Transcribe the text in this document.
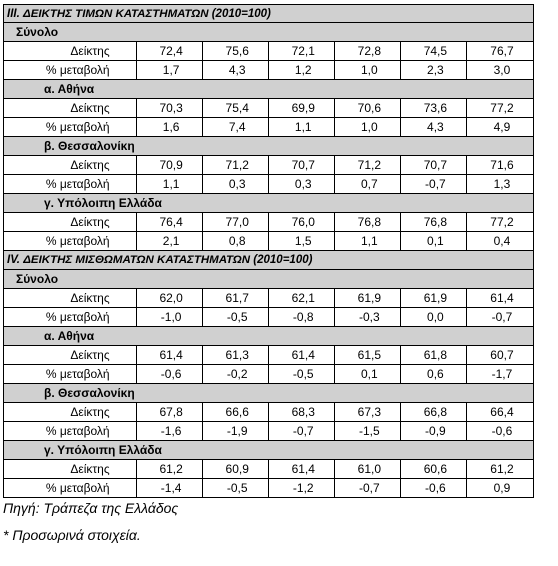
III. ΔΕΙΚΤΗΣ ΤΙΜΩΝ ΚΑΤΑΣΤΗΜΑΤΩΝ (2010=100)
Σύνολο
Δείκτης	72,4	75,6	72,1	72,8	74,5	76,7
% μεταβολή	1,7	4,3	1,2	1,0	2,3	3,0
α. Αθήνα
Δείκτης	70,3	75,4	69,9	70,6	73,6	77,2
% μεταβολή	1,6	7,4	1,1	1,0	4,3	4,9
β. Θεσσαλονίκη
Δείκτης	70,9	71,2	70,7	71,2	70,7	71,6
% μεταβολή	1,1	0,3	0,3	0,7	-0,7	1,3
γ. Υπόλοιπη Ελλάδα
Δείκτης	76,4	77,0	76,0	76,8	76,8	77,2
% μεταβολή	2,1	0,8	1,5	1,1	0,1	0,4
IV. ΔΕΙΚΤΗΣ ΜΙΣΘΩΜΑΤΩΝ ΚΑΤΑΣΤΗΜΑΤΩΝ (2010=100)
Σύνολο
Δείκτης	62,0	61,7	62,1	61,9	61,9	61,4
% μεταβολή	-1,0	-0,5	-0,8	-0,3	0,0	-0,7
α. Αθήνα
Δείκτης	61,4	61,3	61,4	61,5	61,8	60,7
% μεταβολή	-0,6	-0,2	-0,5	0,1	0,6	-1,7
β. Θεσσαλονίκη
Δείκτης	67,8	66,6	68,3	67,3	66,8	66,4
% μεταβολή	-1,6	-1,9	-0,7	-1,5	-0,9	-0,6
γ. Υπόλοιπη Ελλάδα
Δείκτης	61,2	60,9	61,4	61,0	60,6	61,2
% μεταβολή	-1,4	-0,5	-1,2	-0,7	-0,6	0,9
Πηγή: Τράπεζα της Ελλάδος
* Προσωρινά στοιχεία.
